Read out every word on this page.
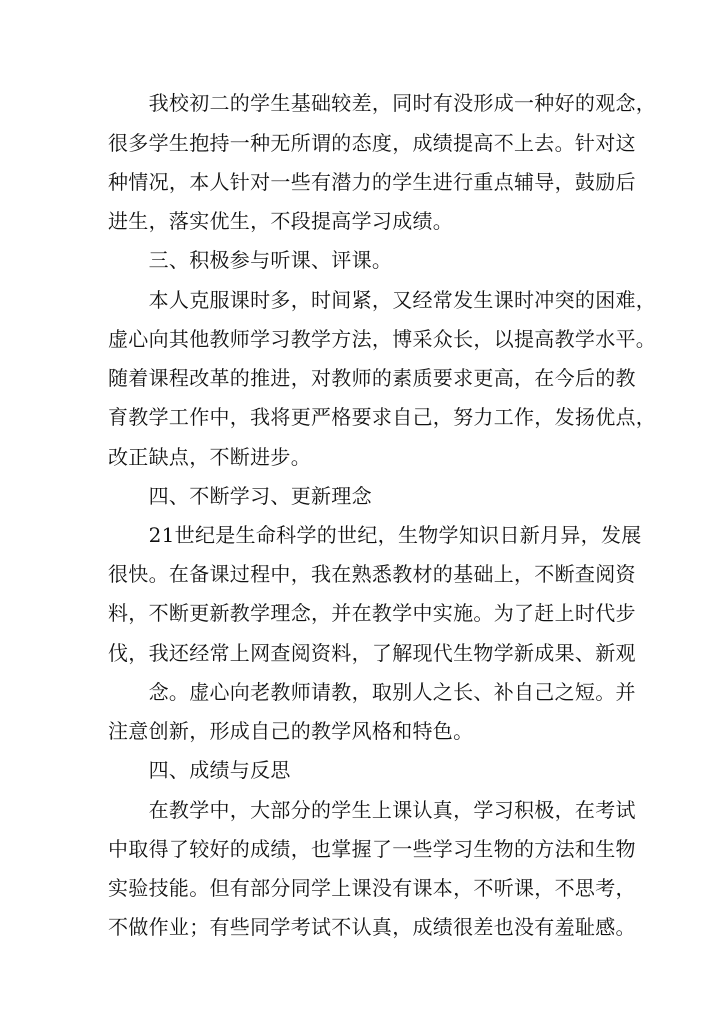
　　我校初二的学生基础较差，同时有没形成一种好的观念，
很多学生抱持一种无所谓的态度，成绩提高不上去。针对这
种情况，本人针对一些有潜力的学生进行重点辅导，鼓励后
进生，落实优生，不段提高学习成绩。
　　三、积极参与听课、评课。
　　本人克服课时多，时间紧，又经常发生课时冲突的困难，
虚心向其他教师学习教学方法，博采众长，以提高教学水平。
随着课程改革的推进，对教师的素质要求更高，在今后的教
育教学工作中，我将更严格要求自己，努力工作，发扬优点，
改正缺点，不断进步。
　　四、不断学习、更新理念
　　21世纪是生命科学的世纪，生物学知识日新月异，发展
很快。在备课过程中，我在熟悉教材的基础上，不断查阅资
料，不断更新教学理念，并在教学中实施。为了赶上时代步
伐，我还经常上网查阅资料，了解现代生物学新成果、新观
　　念。虚心向老教师请教，取别人之长、补自己之短。并
注意创新，形成自己的教学风格和特色。
　　四、成绩与反思
　　在教学中，大部分的学生上课认真，学习积极，在考试
中取得了较好的成绩，也掌握了一些学习生物的方法和生物
实验技能。但有部分同学上课没有课本，不听课，不思考，
不做作业；有些同学考试不认真，成绩很差也没有羞耻感。
